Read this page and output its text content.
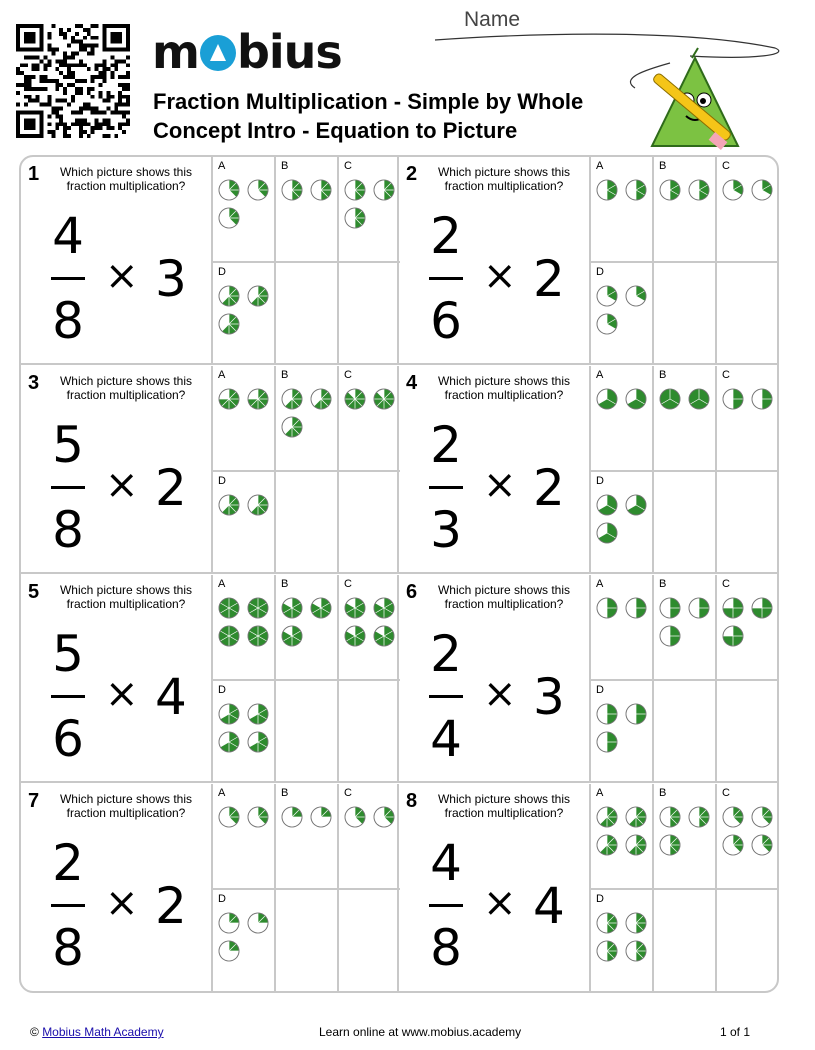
m bius
Name
Fraction Multiplication - Simple by Whole
Concept Intro - Equation to Picture
1	Which picture shows this fraction multiplication?
4
8
× 3
A	B	C
D
2	Which picture shows this fraction multiplication?
2
6
× 2
A	B	C
D
3	Which picture shows this fraction multiplication?
5
8
× 2
A	B	C
D
4	Which picture shows this fraction multiplication?
2
3
× 2
A	B	C
D
5	Which picture shows this fraction multiplication?
5
6
× 4
A	B	C
D
6	Which picture shows this fraction multiplication?
2
4
× 3
A	B	C
D
7	Which picture shows this fraction multiplication?
2
8
× 2
A	B	C
D
8	Which picture shows this fraction multiplication?
4
8
× 4
A	B	C
D
© Mobius Math Academy	Learn online at www.mobius.academy	1 of 1
